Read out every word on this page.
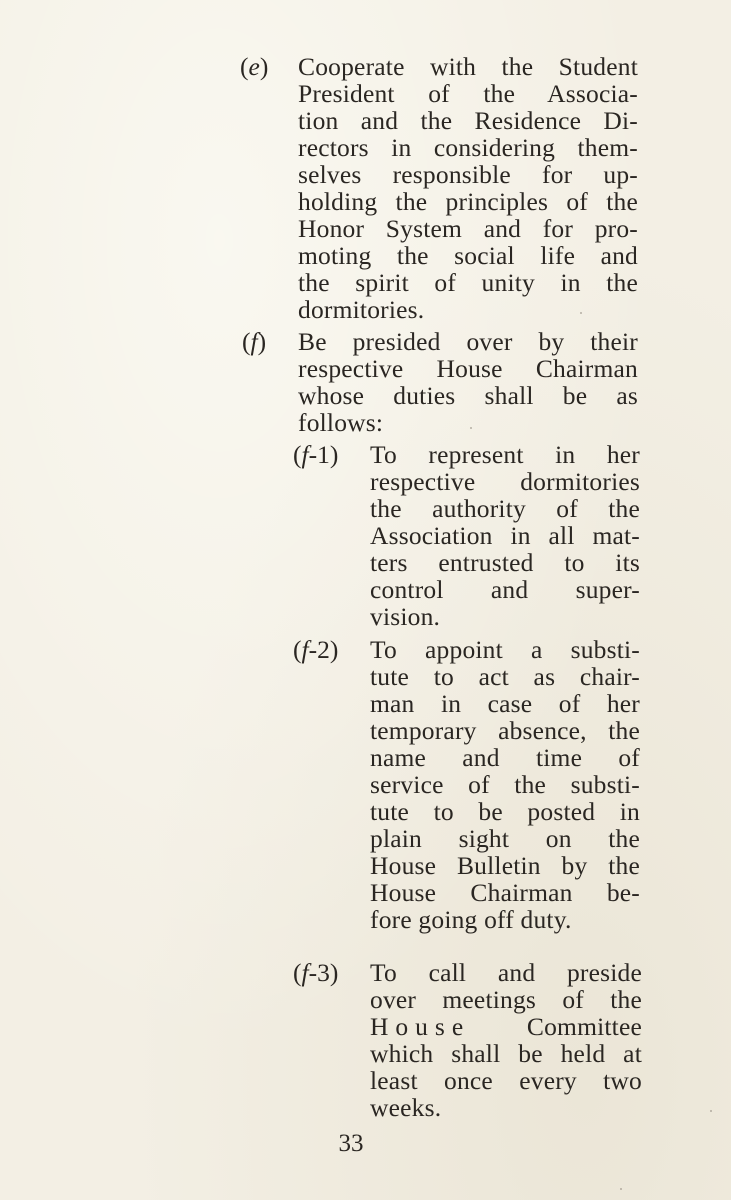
(e) Cooperate with the Student
President of the Associa-
tion and the Residence Di-
rectors in considering them-
selves responsible for up-
holding the principles of the
Honor System and for pro-
moting the social life and
the spirit of unity in the
dormitories.
(f) Be presided over by their
respective House Chairman
whose duties shall be as
follows:
(f-1) To represent in her
respective dormitories
the authority of the
Association in all mat-
ters entrusted to its
control and super-
vision.
(f-2) To appoint a substi-
tute to act as chair-
man in case of her
temporary absence, the
name and time of
service of the substi-
tute to be posted in
plain sight on the
House Bulletin by the
House Chairman be-
fore going off duty.
(f-3) To call and preside
over meetings of the
House Committee
which shall be held at
least once every two
weeks.
33
